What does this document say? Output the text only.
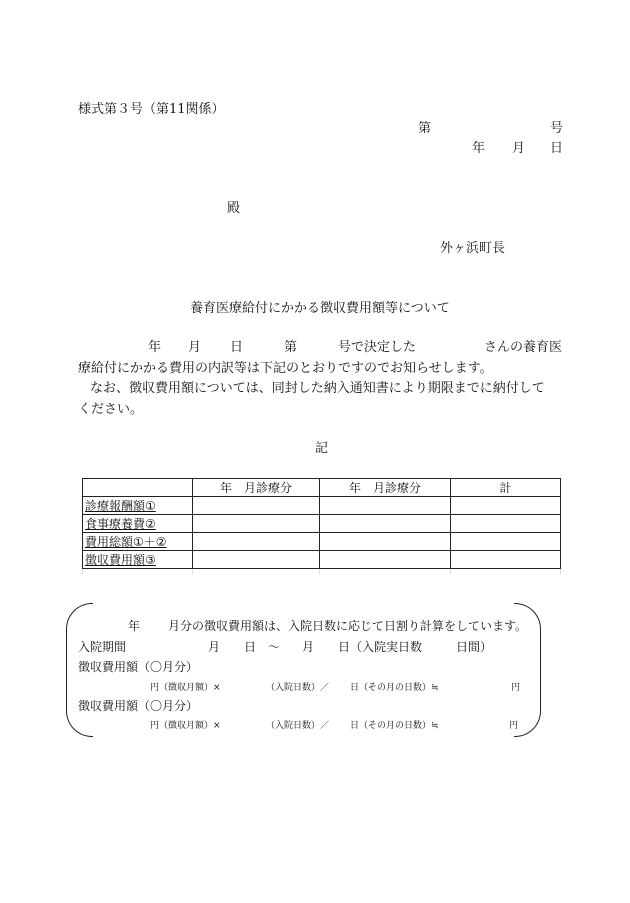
様式第３号（第11関係）
第	号
年 月 日
殿
外ヶ浜町長
養育医療給付にかかる徴収費用額等について
年 月 日	第	号で決定した	さんの養育医
療給付にかかる費用の内訳等は下記のとおりですのでお知らせします。
なお、徴収費用額については、同封した納入通知書により期限までに納付して
ください。
記
	年　月診療分	年　月診療分	計
診療報酬額①			
食事療養費②			
費用総額①＋②			
徴収費用額③			

年 月分の徴収費用額は、入院日数に応じて日割り計算をしています。
入院期間	月 日 〜 月 日（入院実日数	日間）
徴収費用額（〇月分）
円（徴収月額）×	（入院日数）／ 日（その月の日数）≒	円
徴収費用額（〇月分）
円（徴収月額）×	（入院日数）／ 日（その月の日数）≒	円
